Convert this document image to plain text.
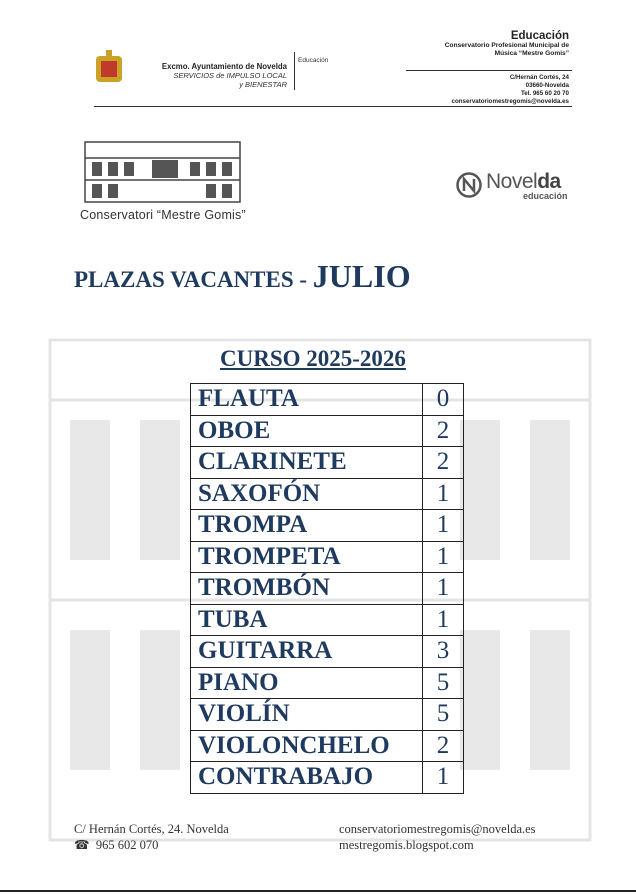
Excmo. Ayuntamiento de Novelda
SERVICIOS de IMPULSO LOCAL
y BIENESTAR
Educación
Educación
Conservatorio Profesional Municipal de
Música “Mestre Gomis”
C/Hernán Cortés, 24
03660-Novelda
Tel. 965 60 20 70
conservatoriomestregomis@novelda.es
Conservatori “Mestre Gomis”
Novelda
educación
PLAZAS VACANTES - JULIO
CURSO 2025-2026
FLAUTA	0
OBOE	2
CLARINETE	2
SAXOFÓN	1
TROMPA	1
TROMPETA	1
TROMBÓN	1
TUBA	1
GUITARRA	3
PIANO	5
VIOLÍN	5
VIOLONCHELO	2
CONTRABAJO	1
C/ Hernán Cortés, 24. Novelda
☎ 965 602 070
conservatoriomestregomis@novelda.es
mestregomis.blogspot.com
